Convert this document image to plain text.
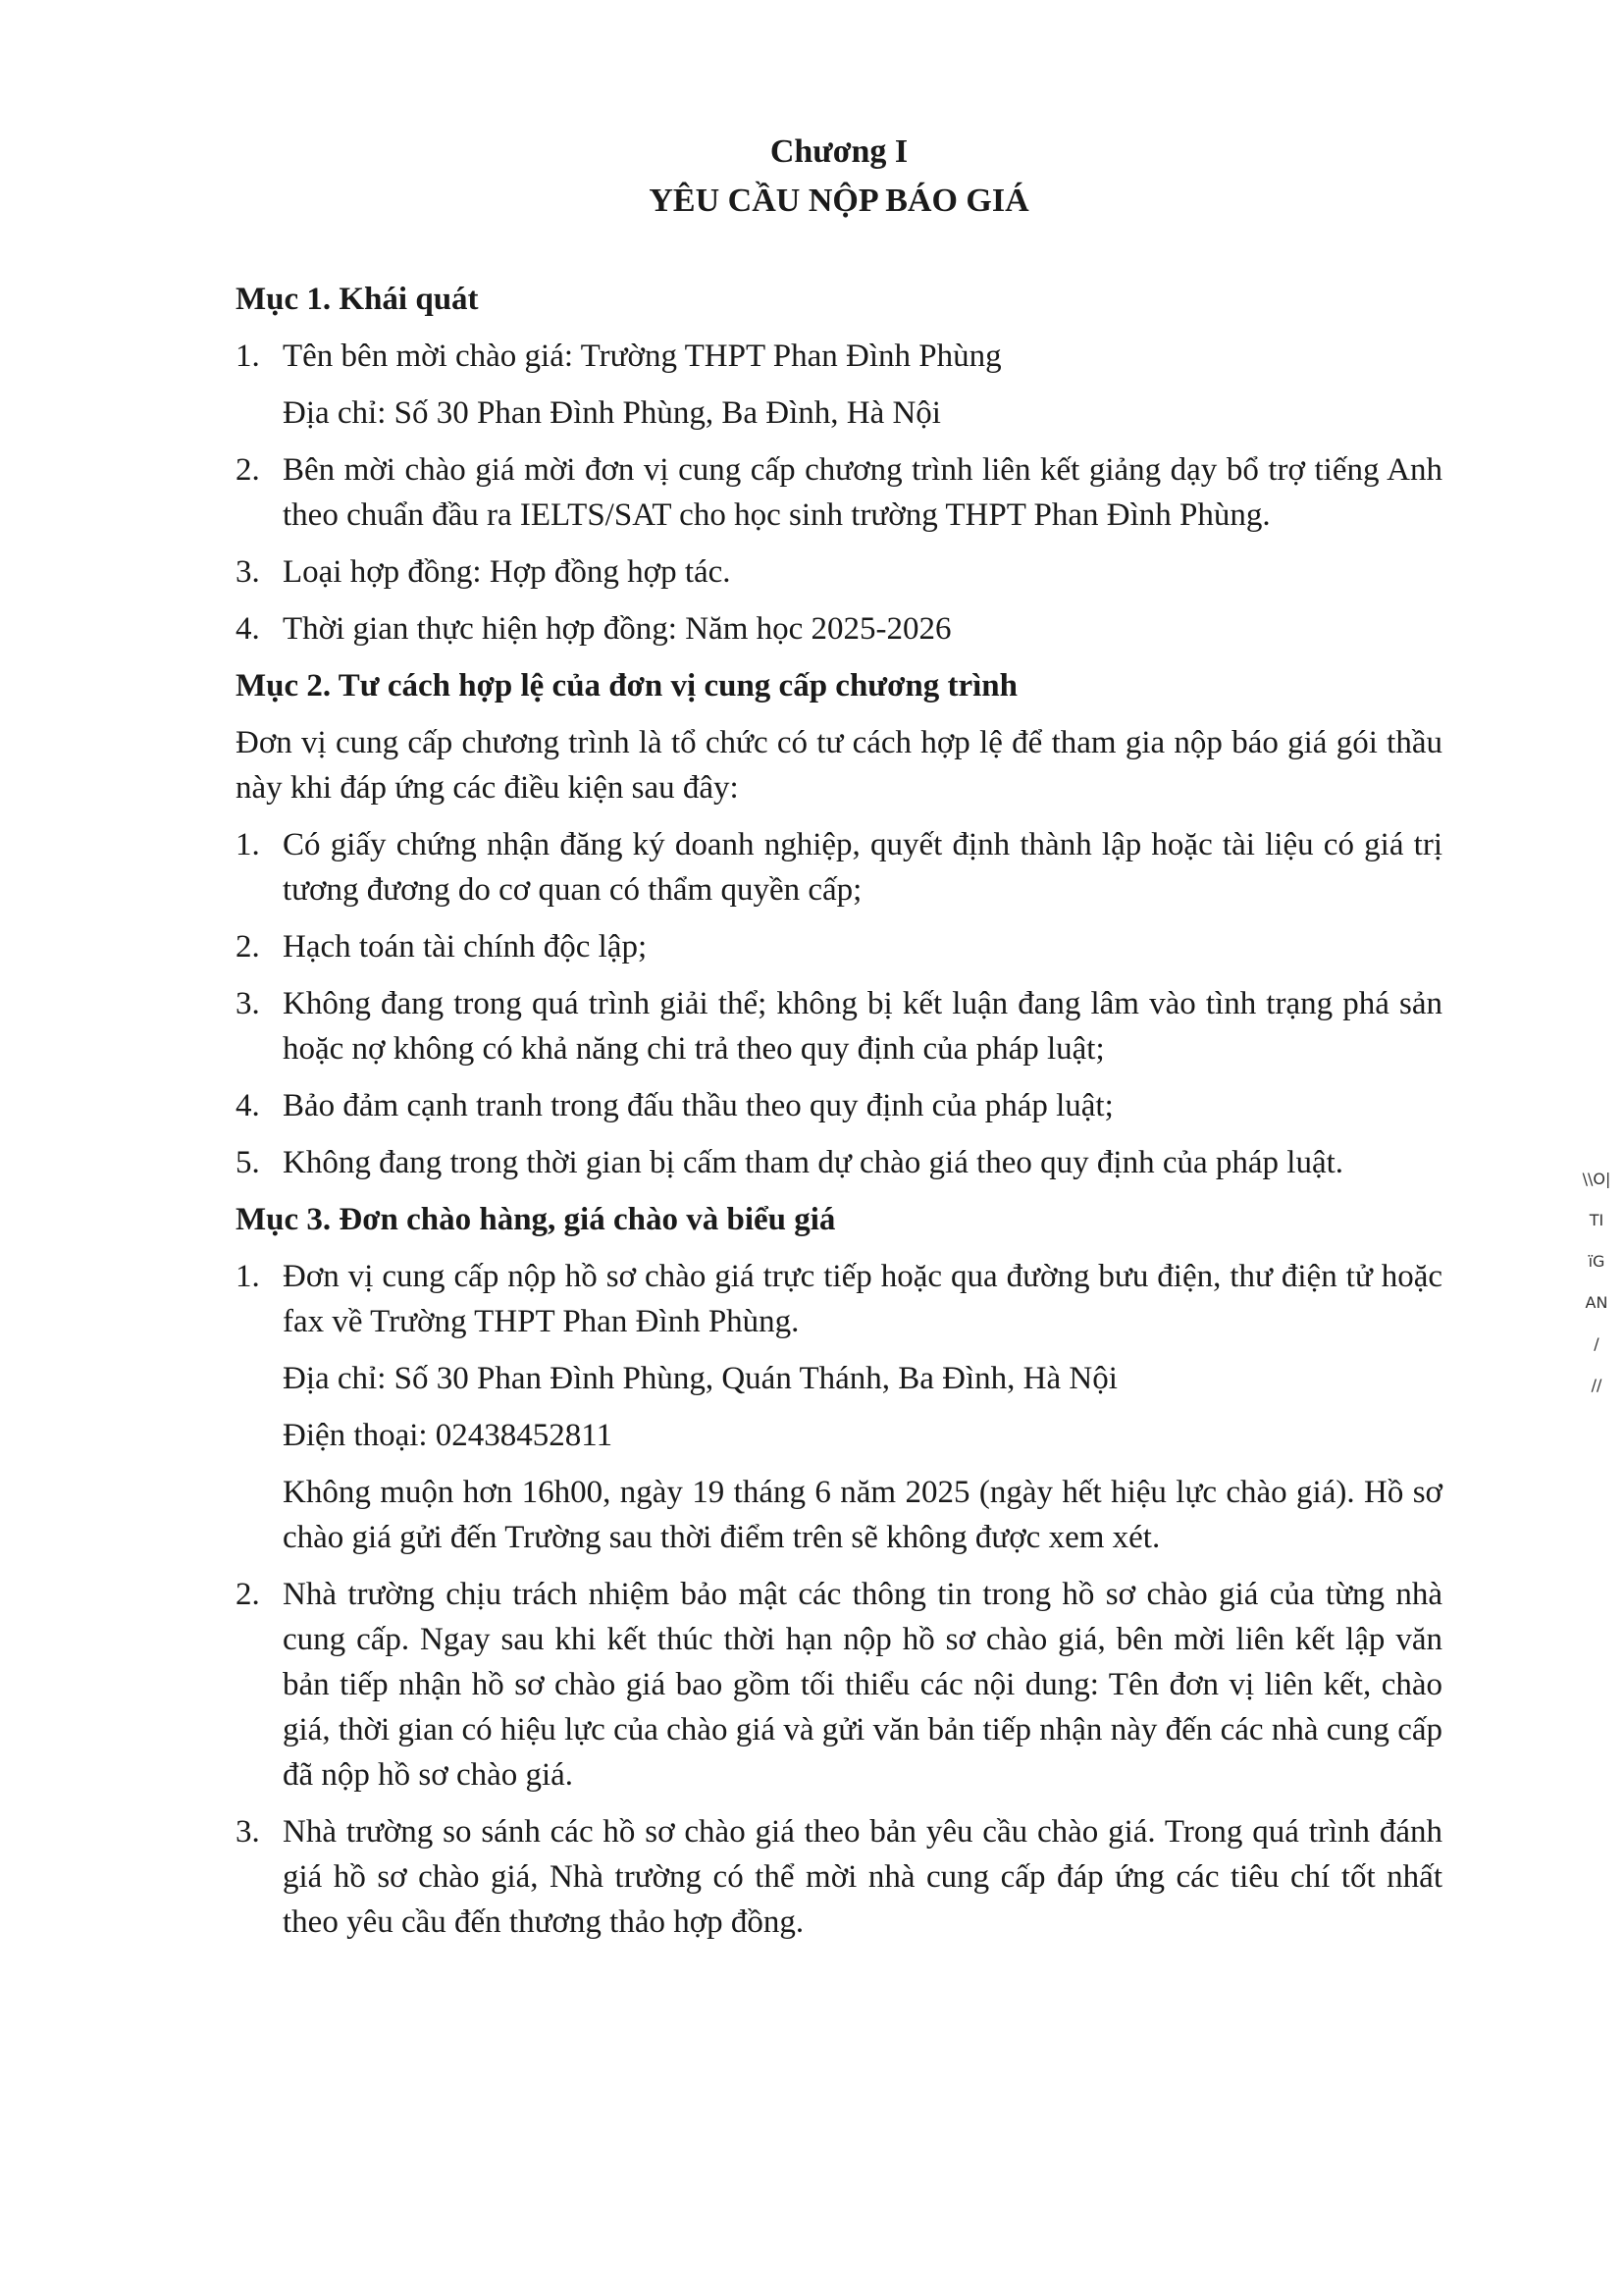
Chương I
YÊU CẦU NỘP BÁO GIÁ
Mục 1. Khái quát
1. Tên bên mời chào giá: Trường THPT Phan Đình Phùng
Địa chỉ: Số 30 Phan Đình Phùng, Ba Đình, Hà Nội
2. Bên mời chào giá mời đơn vị cung cấp chương trình liên kết giảng dạy bổ trợ tiếng Anh theo chuẩn đầu ra IELTS/SAT cho học sinh trường THPT Phan Đình Phùng.
3. Loại hợp đồng: Hợp đồng hợp tác.
4. Thời gian thực hiện hợp đồng: Năm học 2025-2026
Mục 2. Tư cách hợp lệ của đơn vị cung cấp chương trình
Đơn vị cung cấp chương trình là tổ chức có tư cách hợp lệ để tham gia nộp báo giá gói thầu này khi đáp ứng các điều kiện sau đây:
1. Có giấy chứng nhận đăng ký doanh nghiệp, quyết định thành lập hoặc tài liệu có giá trị tương đương do cơ quan có thẩm quyền cấp;
2. Hạch toán tài chính độc lập;
3. Không đang trong quá trình giải thể; không bị kết luận đang lâm vào tình trạng phá sản hoặc nợ không có khả năng chi trả theo quy định của pháp luật;
4. Bảo đảm cạnh tranh trong đấu thầu theo quy định của pháp luật;
5. Không đang trong thời gian bị cấm tham dự chào giá theo quy định của pháp luật.
Mục 3. Đơn chào hàng, giá chào và biểu giá
1. Đơn vị cung cấp nộp hồ sơ chào giá trực tiếp hoặc qua đường bưu điện, thư điện tử hoặc fax về Trường THPT Phan Đình Phùng.
Địa chỉ: Số 30 Phan Đình Phùng, Quán Thánh, Ba Đình, Hà Nội
Điện thoại: 02438452811
Không muộn hơn 16h00, ngày 19 tháng 6 năm 2025 (ngày hết hiệu lực chào giá). Hồ sơ chào giá gửi đến Trường sau thời điểm trên sẽ không được xem xét.
2. Nhà trường chịu trách nhiệm bảo mật các thông tin trong hồ sơ chào giá của từng nhà cung cấp. Ngay sau khi kết thúc thời hạn nộp hồ sơ chào giá, bên mời liên kết lập văn bản tiếp nhận hồ sơ chào giá bao gồm tối thiểu các nội dung: Tên đơn vị liên kết, chào giá, thời gian có hiệu lực của chào giá và gửi văn bản tiếp nhận này đến các nhà cung cấp đã nộp hồ sơ chào giá.
3. Nhà trường so sánh các hồ sơ chào giá theo bản yêu cầu chào giá. Trong quá trình đánh giá hồ sơ chào giá, Nhà trường có thể mời nhà cung cấp đáp ứng các tiêu chí tốt nhất theo yêu cầu đến thương thảo hợp đồng.
\\O|
TI
ïG
AN
/
//
